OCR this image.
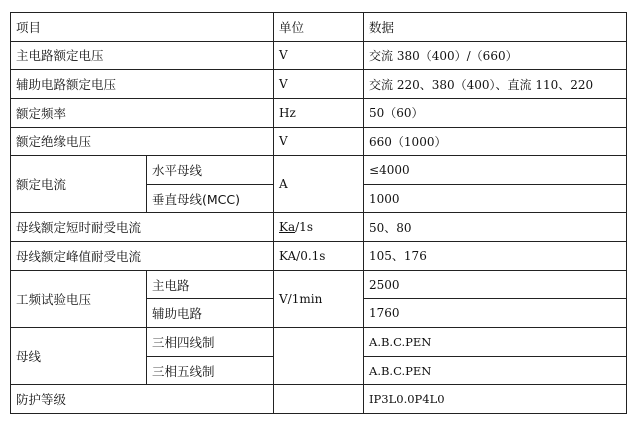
项目		单位	数据
主电路额定电压		V	交流 380（400）/（660）
辅助电路额定电压		V	交流 220、380（400）、直流 110、220
额定频率		Hz	50（60）
额定绝缘电压		V	660（1000）
额定电流	水平母线	A	≤4000
	垂直母线(MCC)		1000
母线额定短时耐受电流		Ka/1s	50、80
母线额定峰值耐受电流		KA/0.1s	105、176
工频试验电压	主电路	V/1min	2500
	辅助电路		1760
母线	三相四线制		A.B.C.PEN
	三相五线制		A.B.C.PEN
防护等级			IP3L0.0P4L0
